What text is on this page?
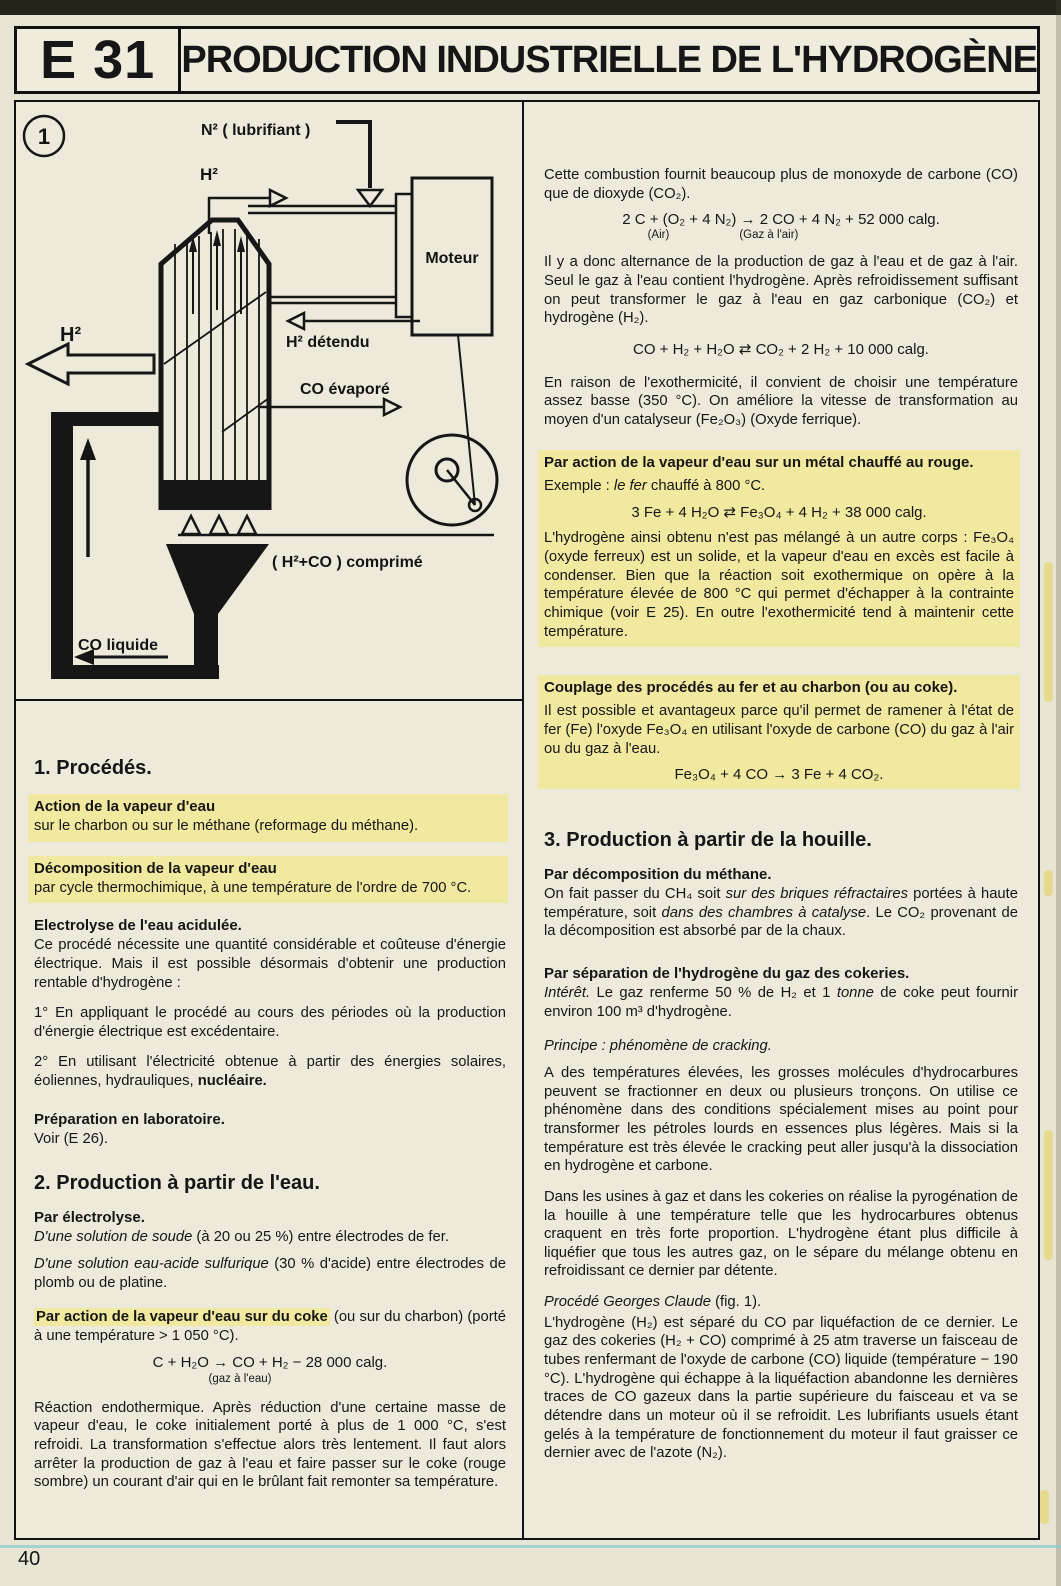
E 31 PRODUCTION INDUSTRIELLE DE L'HYDROGÈNE
1	N² ( lubrifiant )
H²
Moteur
H²	H² détendu
CO évaporé
( H²+CO ) comprimé
CO liquide
1. Procédés.
Action de la vapeur d'eau
sur le charbon ou sur le méthane (reformage du méthane).
Décomposition de la vapeur d'eau
par cycle thermochimique, à une température de l'ordre de 700 °C.
Electrolyse de l'eau acidulée.

Ce procédé nécessite une quantité considérable et coûteuse d'énergie électrique. Mais il est possible désormais d'obtenir une production rentable d'hydrogène :

1° En appliquant le procédé au cours des périodes où la production d'énergie électrique est excédentaire.

2° En utilisant l'électricité obtenue à partir des énergies solaires, éoliennes, hydrauliques, nucléaire.

Préparation en laboratoire.

Voir (E 26).

2. Production à partir de l'eau.
Par électrolyse.

D'une solution de soude (à 20 ou 25 %) entre électrodes de fer.

D'une solution eau-acide sulfurique (30 % d'acide) entre électrodes de plomb ou de platine.

Par action de la vapeur d'eau sur du coke (ou sur du charbon) (porté à une température > 1 050 °C).

C + H₂O → CO + H₂ − 28 000 calg.
(gaz à l'eau)

Réaction endothermique. Après réduction d'une certaine masse de vapeur d'eau, le coke initialement porté à plus de 1 000 °C, s'est refroidi. La transformation s'effectue alors très lentement. Il faut alors arrêter la production de gaz à l'eau et faire passer sur le coke (rouge sombre) un courant d'air qui en le brûlant fait remonter sa température.

Cette combustion fournit beaucoup plus de monoxyde de carbone (CO) que de dioxyde (CO₂).

2 C + (O₂ + 4 N₂) → 2 CO + 4 N₂ + 52 000 calg.
(Air)	(Gaz à l'air)

Il y a donc alternance de la production de gaz à l'eau et de gaz à l'air. Seul le gaz à l'eau contient l'hydrogène. Après refroidissement suffisant on peut transformer le gaz à l'eau en gaz carbonique (CO₂) et hydrogène (H₂).

CO + H₂ + H₂O ⇄ CO₂ + 2 H₂ + 10 000 calg.

En raison de l'exothermicité, il convient de choisir une température assez basse (350 °C). On améliore la vitesse de transformation au moyen d'un catalyseur (Fe₂O₃) (Oxyde ferrique).

Par action de la vapeur d'eau sur un métal chauffé au rouge.

Exemple : le fer chauffé à 800 °C.

3 Fe + 4 H₂O ⇄ Fe₃O₄ + 4 H₂ + 38 000 calg.

L'hydrogène ainsi obtenu n'est pas mélangé à un autre corps : Fe₃O₄ (oxyde ferreux) est un solide, et la vapeur d'eau en excès est facile à condenser. Bien que la réaction soit exothermique on opère à la température élevée de 800 °C qui permet d'échapper à la contrainte chimique (voir E 25). En outre l'exothermicité tend à maintenir cette température.

Couplage des procédés au fer et au charbon (ou au coke).

Il est possible et avantageux parce qu'il permet de ramener à l'état de fer (Fe) l'oxyde Fe₃O₄ en utilisant l'oxyde de carbone (CO) du gaz à l'air ou du gaz à l'eau.

Fe₃O₄ + 4 CO → 3 Fe + 4 CO₂.
3. Production à partir de la houille.
Par décomposition du méthane.

On fait passer du CH₄ soit sur des briques réfractaires portées à haute température, soit dans des chambres à catalyse. Le CO₂ provenant de la décomposition est absorbé par de la chaux.

Par séparation de l'hydrogène du gaz des cokeries.

Intérêt. Le gaz renferme 50 % de H₂ et 1 tonne de coke peut fournir environ 100 m³ d'hydrogène.

Principe : phénomène de cracking.

A des températures élevées, les grosses molécules d'hydrocarbures peuvent se fractionner en deux ou plusieurs tronçons. On utilise ce phénomène dans des conditions spécialement mises au point pour transformer les pétroles lourds en essences plus légères. Mais si la température est très élevée le cracking peut aller jusqu'à la dissociation en hydrogène et carbone.

Dans les usines à gaz et dans les cokeries on réalise la pyrogénation de la houille à une température telle que les hydrocarbures obtenus craquent en très forte proportion. L'hydrogène étant plus difficile à liquéfier que tous les autres gaz, on le sépare du mélange obtenu en refroidissant ce dernier par détente.

Procédé Georges Claude (fig. 1).

L'hydrogène (H₂) est séparé du CO par liquéfaction de ce dernier. Le gaz des cokeries (H₂ + CO) comprimé à 25 atm traverse un faisceau de tubes renfermant de l'oxyde de carbone (CO) liquide (température − 190 °C). L'hydrogène qui échappe à la liquéfaction abandonne les dernières traces de CO gazeux dans la partie supérieure du faisceau et va se détendre dans un moteur où il se refroidit. Les lubrifiants usuels étant gelés à la température de fonctionnement du moteur il faut graisser ce dernier avec de l'azote (N₂).

40
